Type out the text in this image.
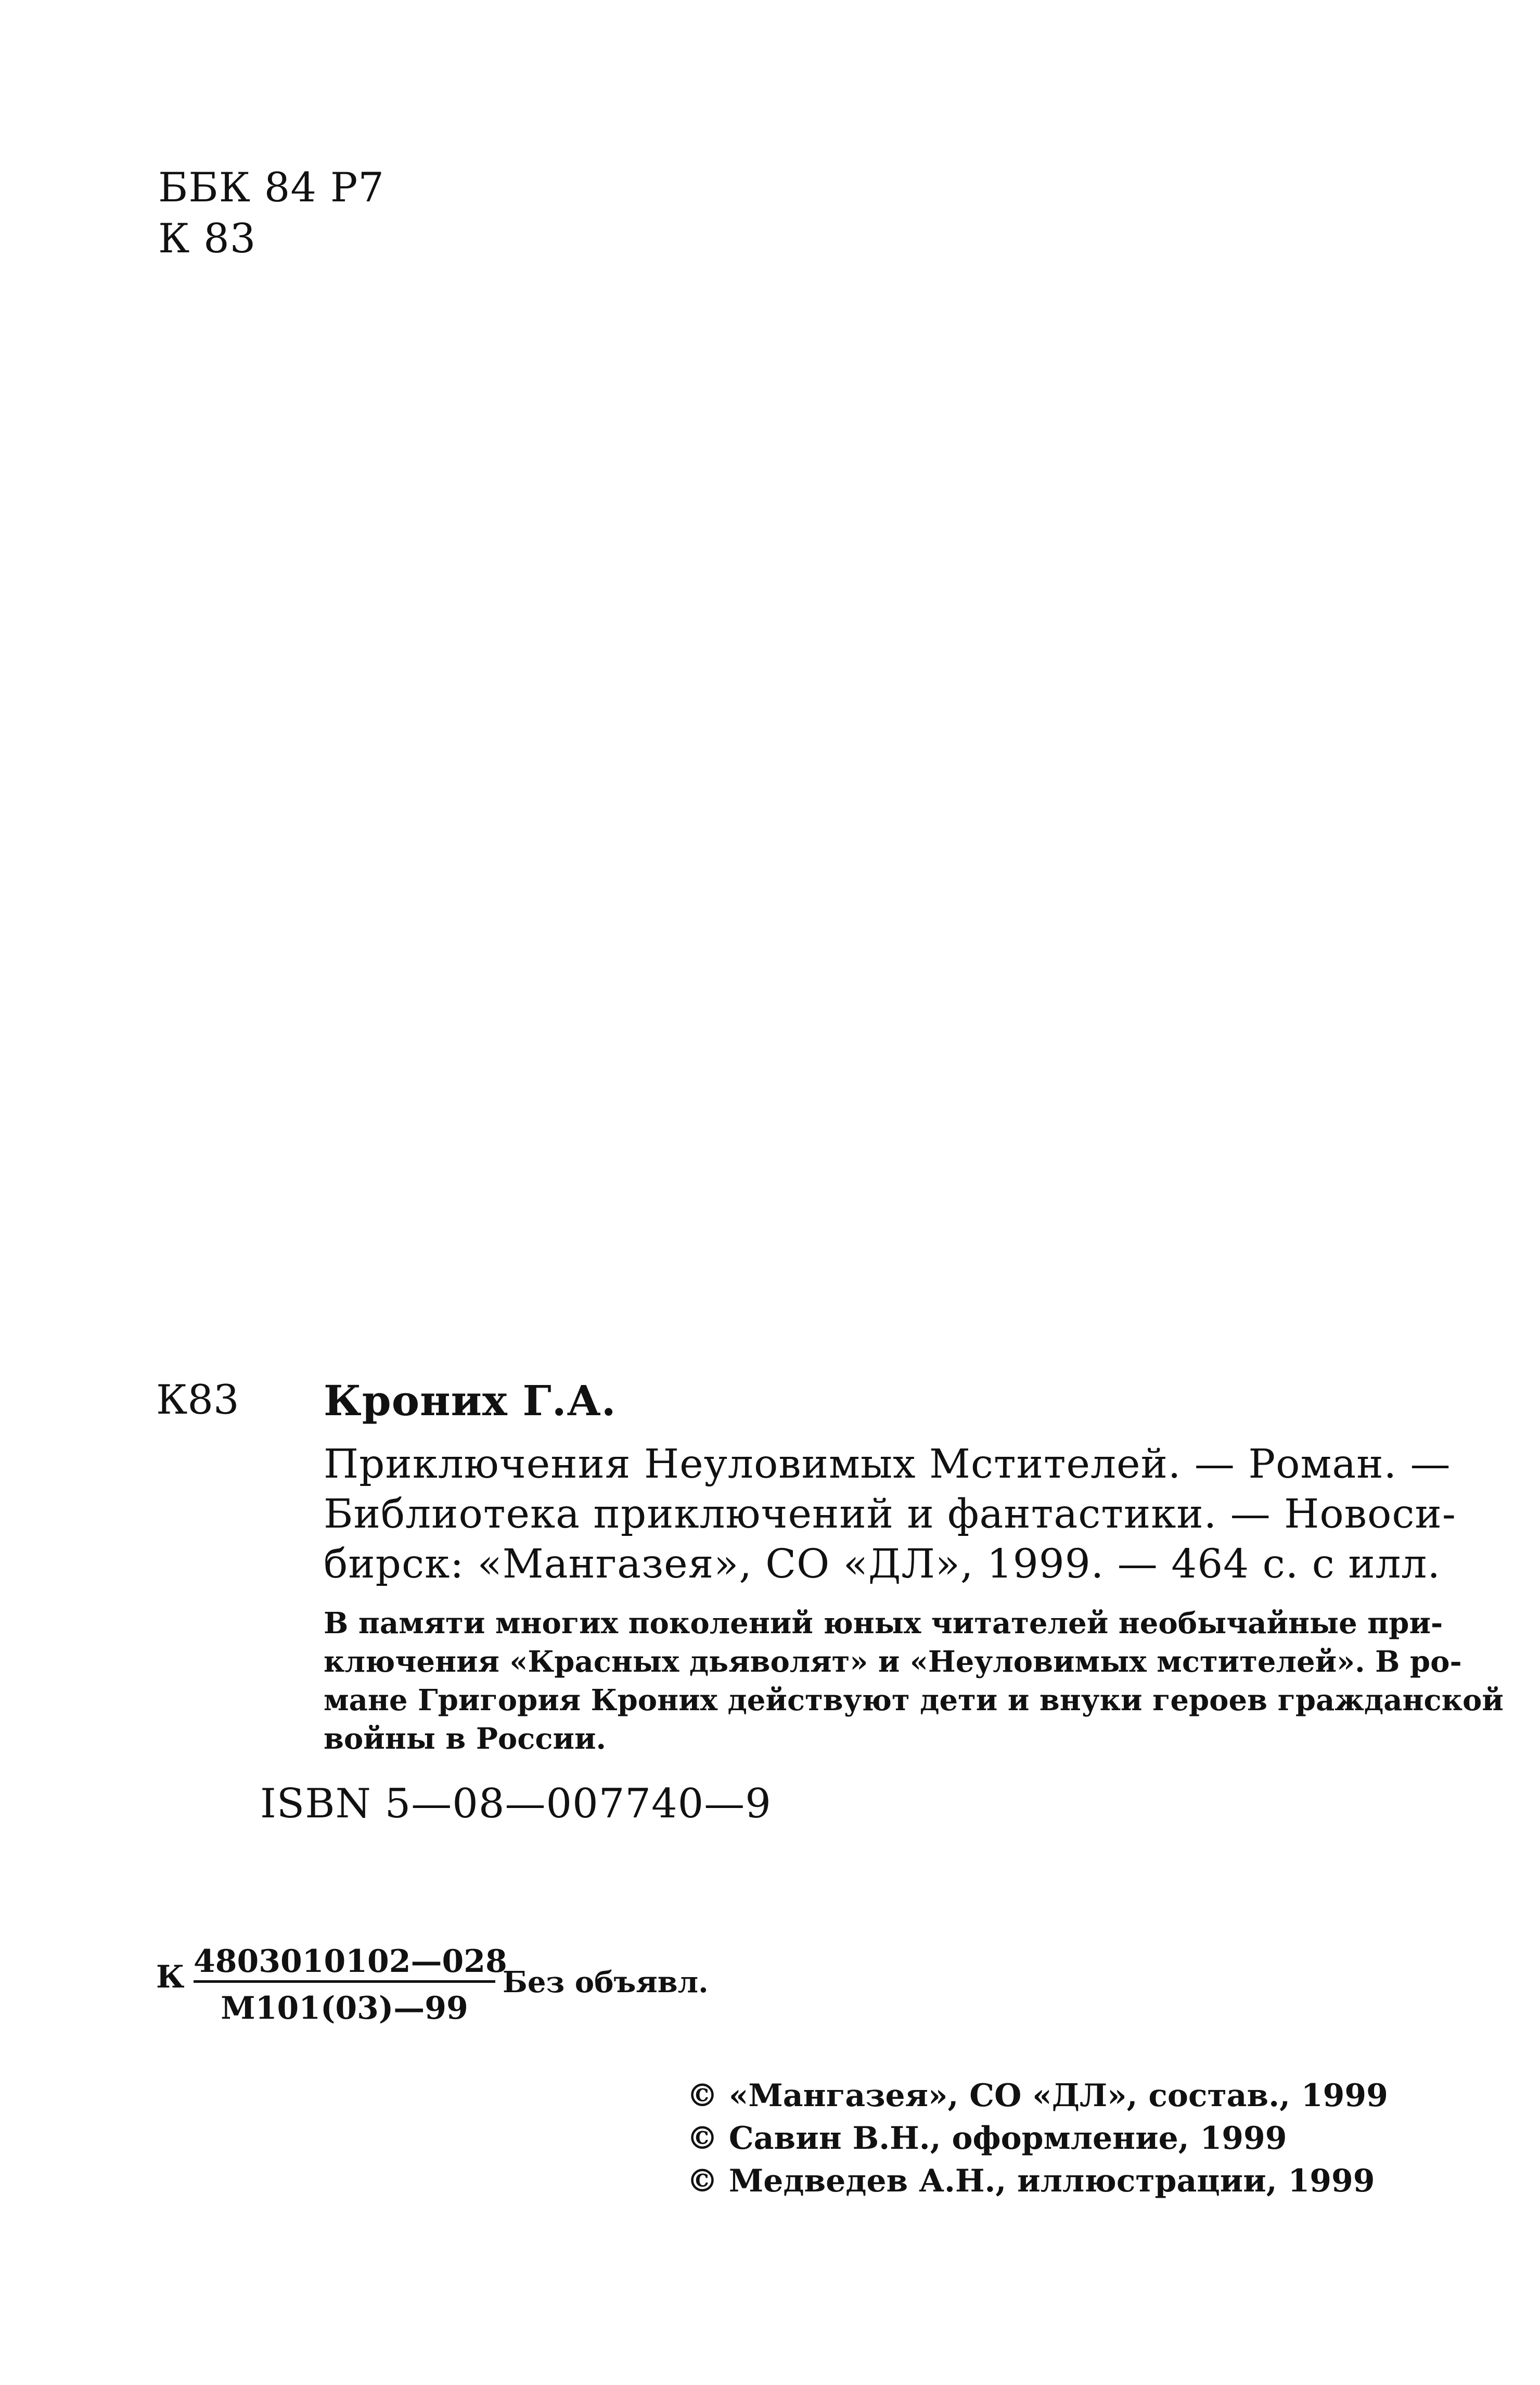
ББК 84 Р7
К 83
К83 Кроних Г.А.
Приключения Неуловимых Мстителей. — Роман. —
Библиотека приключений и фантастики. — Новоси-
бирск: «Мангазея», СО «ДЛ», 1999. — 464 с. с илл.
В памяти многих поколений юных читателей необычайные при-
ключения «Красных дьяволят» и «Неуловимых мстителей». В ро-
мане Григория Кроних действуют дети и внуки героев гражданской
войны в России.
ISBN 5—08—007740—9
К 4803010102—028
М101(03)—99
Без объявл.
© «Мангазея», СО «ДЛ», состав., 1999
© Савин В.Н., оформление, 1999
© Медведев А.Н., иллюстрации, 1999
